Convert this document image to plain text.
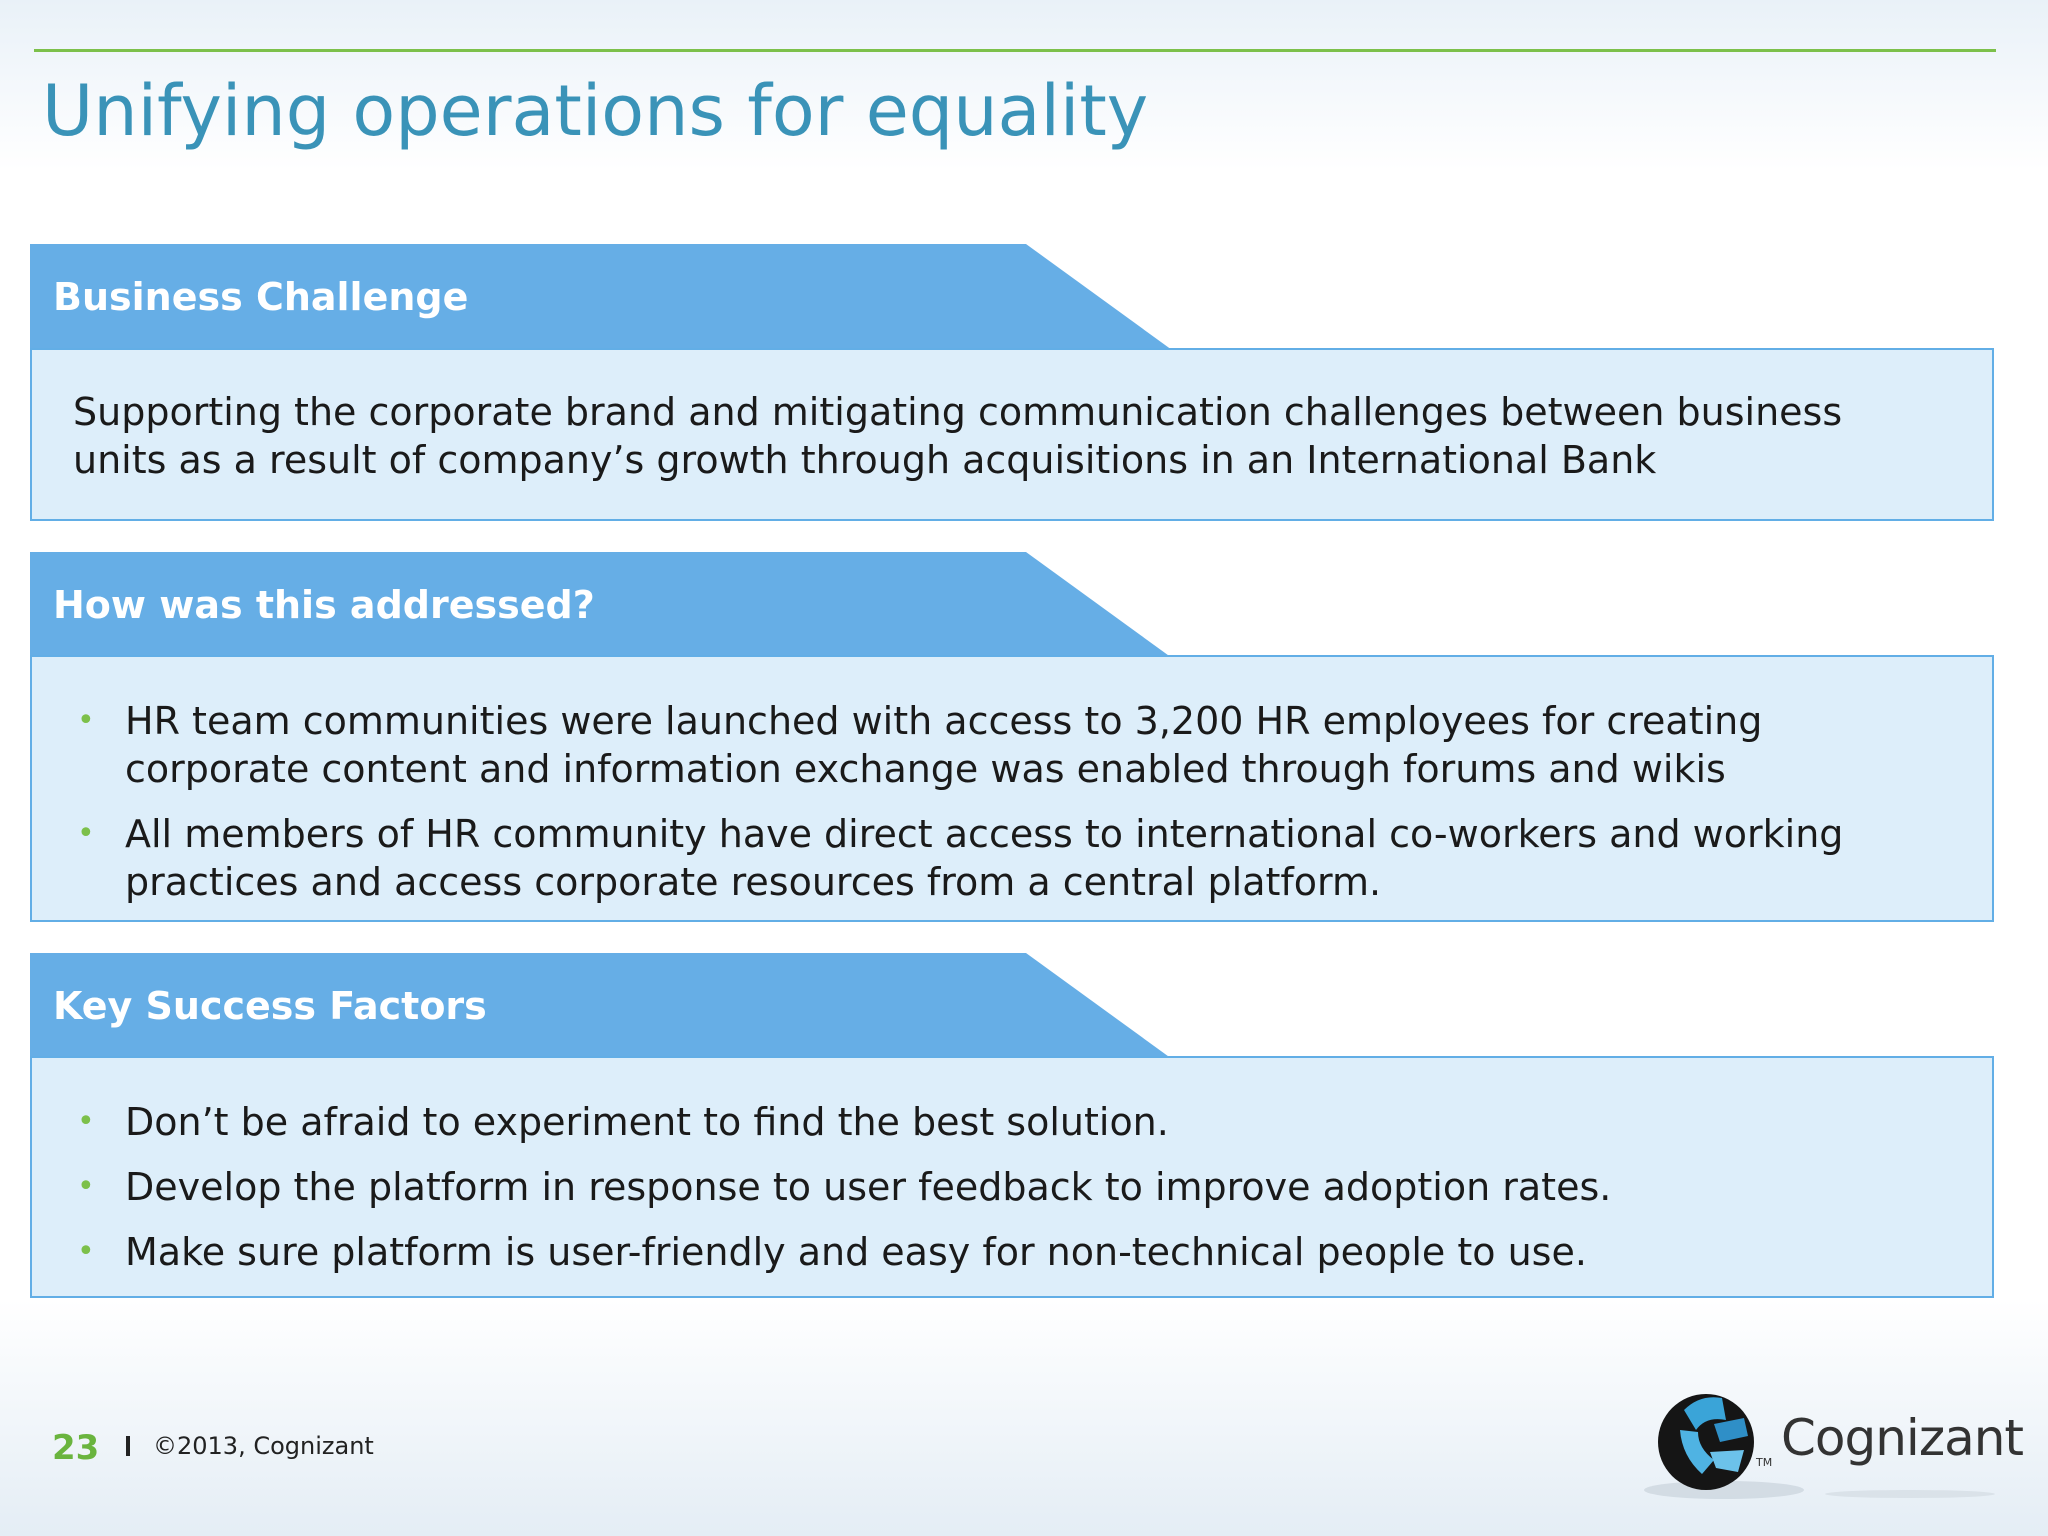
Unifying operations for equality
Business Challenge
Supporting the corporate brand and mitigating communication challenges between business units as a result of company’s growth through acquisitions in an International Bank
How was this addressed?
• HR team communities were launched with access to 3,200 HR employees for creating corporate content and information exchange was enabled through forums and wikis
• All members of HR community have direct access to international co-workers and working practices and access corporate resources from a central platform.
Key Success Factors
• Don’t be afraid to experiment to find the best solution.
• Develop the platform in response to user feedback to improve adoption rates.
• Make sure platform is user-friendly and easy for non-technical people to use.
23 ©2013, Cognizant	Cognizant
TM
